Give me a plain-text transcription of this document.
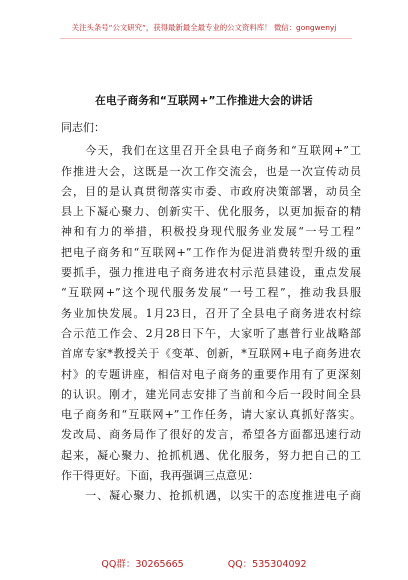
关注头条号“公文研究”，获得最新最全最专业的公文资料库！ 微信：gongwenyj
在电子商务和“互联网+”工作推进大会的讲话
同志们：
　　今天，我们在这里召开全县电子商务和“互联网+”工
作推进大会，这既是一次工作交流会，也是一次宣传动员
会，目的是认真贯彻落实市委、市政府决策部署，动员全
县上下凝心聚力、创新实干、优化服务，以更加振奋的精
神和有力的举措，积极投身现代服务业发展“一号工程”
把电子商务和“互联网+”工作作为促进消费转型升级的重
要抓手，强力推进电子商务进农村示范县建设，重点发展
“互联网+”这个现代服务发展“一号工程”，推动我县服
务业加快发展。1月23日，召开了全县电子商务进农村综
合示范工作会、2月28日下午，大家听了惠普行业战略部
首席专家*教授关于《变革、创新，*互联网+电子商务进农
村》的专题讲座，相信对电子商务的重要作用有了更深刻
的认识。刚才，建光同志安排了当前和今后一段时间全县
电子商务和“互联网+”工作任务，请大家认真抓好落实。
发改局、商务局作了很好的发言，希望各方面都迅速行动
起来，凝心聚力、抢抓机遇、优化服务，努力把自己的工
作干得更好。下面，我再强调三点意见：
　　一、凝心聚力、抢抓机遇，以实干的态度推进电子商
QQ群：30265665	QQ：535304092
